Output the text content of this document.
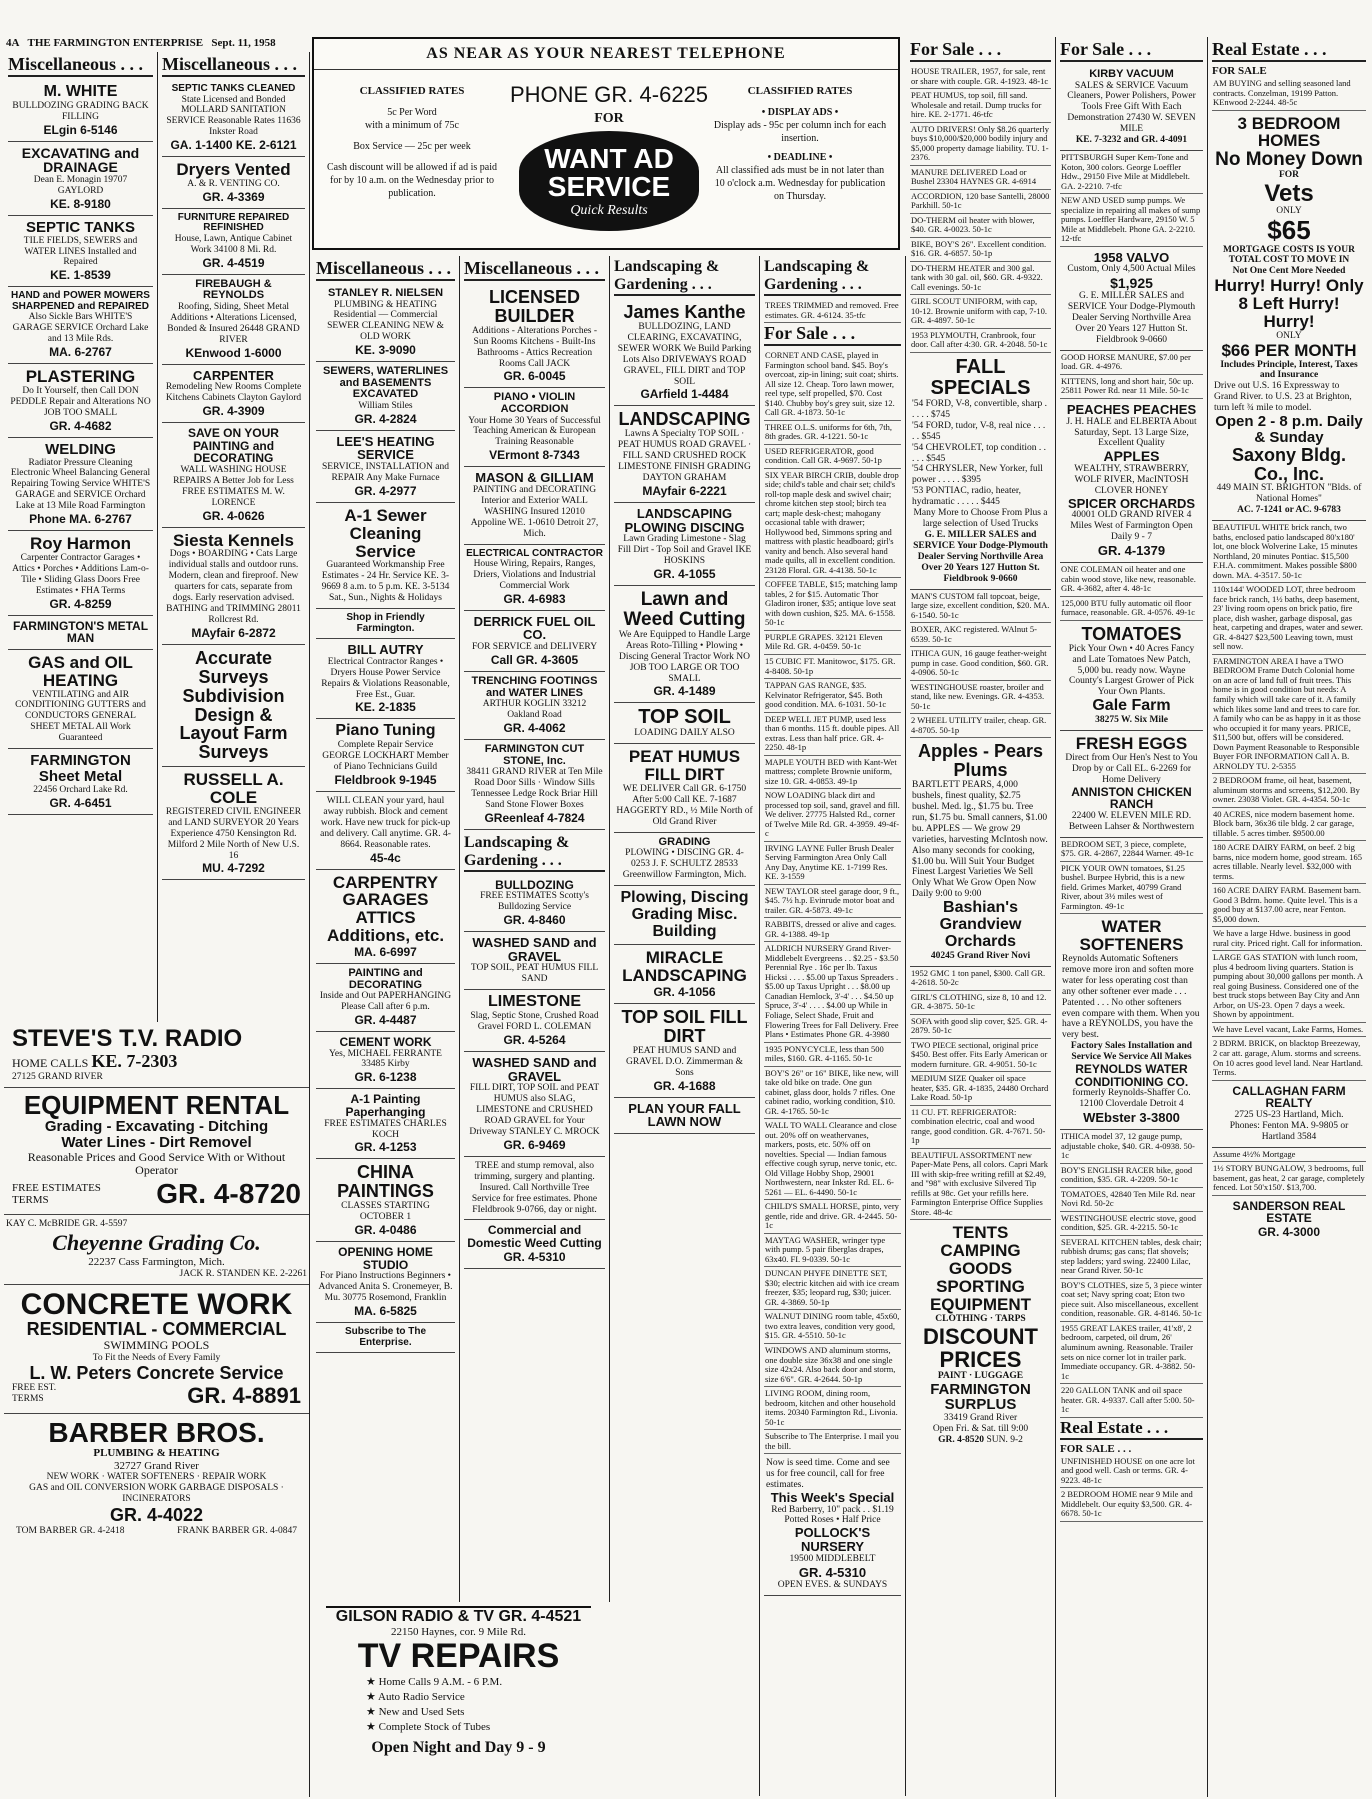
4A THE FARMINGTON ENTERPRISE Sept. 11, 1958
AS NEAR AS YOUR NEAREST TELEPHONE
CLASSIFIED RATES
5c Per Word
with a minimum of 75c
Box Service — 25c per week
Cash discount will be allowed if ad is paid for by 10 a.m. on the Wednesday prior to publication.
PHONE GR. 4-6225
FOR
WANT AD
SERVICE
Quick Results
CLASSIFIED RATES
• DISPLAY ADS •
Display ads - 95c per column inch for each insertion.
• DEADLINE •
All classified ads must be in not later than 10 o'clock a.m. Wednesday for publication on Thursday.
Miscellaneous . . .
M. WHITE
BULLDOZING GRADING BACK FILLING
ELgin 6-5146
EXCAVATING and DRAINAGE
Dean E. Monagin 19707 GAYLORD
KE. 8-9180
SEPTIC TANKS
TILE FIELDS, SEWERS and WATER LINES Installed and Repaired
KE. 1-8539
HAND and POWER MOWERS SHARPENED and REPAIRED
Also Sickle Bars WHITE'S GARAGE SERVICE Orchard Lake and 13 Mile Rds.
MA. 6-2767
PLASTERING
Do It Yourself, then Call DON PEDDLE Repair and Alterations NO JOB TOO SMALL
GR. 4-4682
WELDING
Radiator Pressure Cleaning Electronic Wheel Balancing General Repairing Towing Service WHITE'S GARAGE and SERVICE Orchard Lake at 13 Mile Road Farmington
Phone MA. 6-2767
Roy Harmon
Carpenter Contractor Garages • Attics • Porches • Additions Lam-o-Tile • Sliding Glass Doors Free Estimates • FHA Terms
GR. 4-8259
FARMINGTON'S METAL MAN
GAS and OIL HEATING
VENTILATING and AIR CONDITIONING GUTTERS and CONDUCTORS GENERAL SHEET METAL All Work Guaranteed
FARMINGTON Sheet Metal
22456 Orchard Lake Rd.
GR. 4-6451
Miscellaneous . . .
SEPTIC TANKS CLEANED
State Licensed and Bonded MOLLARD SANITATION SERVICE Reasonable Rates 11636 Inkster Road
GA. 1-1400 KE. 2-6121
Dryers Vented
A. & R. VENTING CO.
GR. 4-3369
FURNITURE REPAIRED REFINISHED
House, Lawn, Antique Cabinet Work 34100 8 Mi. Rd.
GR. 4-4519
FIREBAUGH & REYNOLDS
Roofing, Siding, Sheet Metal Additions • Alterations Licensed, Bonded & Insured 26448 GRAND RIVER
KEnwood 1-6000
CARPENTER
Remodeling New Rooms Complete Kitchens Cabinets Clayton Gaylord
GR. 4-3909
SAVE ON YOUR PAINTING and DECORATING
WALL WASHING HOUSE REPAIRS A Better Job for Less FREE ESTIMATES M. W. LORENCE
GR. 4-0626
Siesta Kennels
Dogs • BOARDING • Cats Large individual stalls and outdoor runs. Modern, clean and fireproof. New quarters for cats, separate from dogs. Early reservation advised. BATHING and TRIMMING 28011 Rollcrest Rd.
MAyfair 6-2872
Accurate Surveys Subdivision Design & Layout Farm Surveys
RUSSELL A. COLE
REGISTERED CIVIL ENGINEER and LAND SURVEYOR 20 Years Experience 4750 Kensington Rd. Milford 2 Mile North of New U.S. 16
MU. 4-7292
STEVE'S T.V. RADIO
HOME CALLS KE. 7-2303
27125 GRAND RIVER
EQUIPMENT RENTAL
Grading - Excavating - Ditching
Water Lines - Dirt Removel
Reasonable Prices and Good Service With or Without Operator
FREE ESTIMATES TERMS	GR. 4-8720
KAY C. McBRIDE GR. 4-5597
Cheyenne Grading Co.
22237 Cass Farmington, Mich.
JACK R. STANDEN KE. 2-2261
CONCRETE WORK
RESIDENTIAL - COMMERCIAL
SWIMMING POOLS
To Fit the Needs of Every Family
L. W. Peters Concrete Service
FREE EST. TERMS	GR. 4-8891
BARBER BROS.
PLUMBING & HEATING
32727 Grand River
NEW WORK · WATER SOFTENERS · REPAIR WORK
GAS and OIL CONVERSION WORK GARBAGE DISPOSALS · INCINERATORS
GR. 4-4022
TOM BARBER GR. 4-2418	FRANK BARBER GR. 4-0847
Miscellaneous . . .
STANLEY R. NIELSEN
PLUMBING & HEATING Residential — Commercial SEWER CLEANING NEW & OLD WORK
KE. 3-9090
SEWERS, WATERLINES and BASEMENTS EXCAVATED
William Stiles
GR. 4-2824
LEE'S HEATING SERVICE
SERVICE, INSTALLATION and REPAIR Any Make Furnace
GR. 4-2977
A-1 Sewer Cleaning Service
Guaranteed Workmanship Free Estimates - 24 Hr. Service KE. 3-9669 8 a.m. to 5 p.m. KE. 3-5134 Sat., Sun., Nights & Holidays
Shop in Friendly Farmington.
BILL AUTRY
Electrical Contractor Ranges • Dryers House Power Service Repairs & Violations Reasonable, Free Est., Guar.
KE. 2-1835
Piano Tuning
Complete Repair Service GEORGE LOCKHART Member of Piano Technicians Guild
FIeldbrook 9-1945
WILL CLEAN your yard, haul away rubbish. Block and cement work. Have new truck for pick-up and delivery. Call anytime. GR. 4-8664. Reasonable rates.
45-4c
CARPENTRY GARAGES ATTICS Additions, etc.
MA. 6-6997
PAINTING and DECORATING
Inside and Out PAPERHANGING Please Call after 6 p.m.
GR. 4-4487
CEMENT WORK
Yes, MICHAEL FERRANTE 33485 Kirby
GR. 6-1238
A-1 Painting Paperhanging
FREE ESTIMATES CHARLES KOCH
GR. 4-1253
CHINA PAINTINGS
CLASSES STARTING OCTOBER 1
GR. 4-0486
OPENING HOME STUDIO
For Piano Instructions Beginners • Advanced Anita S. Cronemeyer, B. Mu. 30775 Rosemond, Franklin
MA. 6-5825
Subscribe to The Enterprise.
Miscellaneous . . .
LICENSED BUILDER
Additions - Alterations Porches - Sun Rooms Kitchens - Built-Ins Bathrooms - Attics Recreation Rooms Call JACK
GR. 6-0045
PIANO • VIOLIN ACCORDION
Your Home 30 Years of Successful Teaching American & European Training Reasonable
VErmont 8-7343
MASON & GILLIAM
PAINTING and DECORATING Interior and Exterior WALL WASHING Insured 12010 Appoline WE. 1-0610 Detroit 27, Mich.
ELECTRICAL CONTRACTOR
House Wiring, Repairs, Ranges, Driers, Violations and Industrial Commercial Work
GR. 4-6983
DERRICK FUEL OIL CO.
FOR SERVICE and DELIVERY
Call GR. 4-3605
TRENCHING FOOTINGS and WATER LINES
ARTHUR KOGLIN 33212 Oakland Road
GR. 4-4062
FARMINGTON CUT STONE, Inc.
38411 GRAND RIVER at Ten Mile Road Door Sills · Window Sills Tennessee Ledge Rock Briar Hill Sand Stone Flower Boxes
GReenleaf 4-7824
Landscaping & Gardening . . .
BULLDOZING
FREE ESTIMATES Scotty's Bulldozing Service
GR. 4-8460
WASHED SAND and GRAVEL
TOP SOIL, PEAT HUMUS FILL SAND
LIMESTONE
Slag, Septic Stone, Crushed Road Gravel FORD L. COLEMAN
GR. 4-5264
WASHED SAND and GRAVEL
FILL DIRT, TOP SOIL and PEAT HUMUS also SLAG, LIMESTONE and CRUSHED ROAD GRAVEL for Your Driveway STANLEY C. MROCK
GR. 6-9469
TREE and stump removal, also trimming, surgery and planting. Insured. Call Northville Tree Service for free estimates. Phone FIeldbrook 9-0766, day or night.
Commercial and Domestic Weed Cutting
GR. 4-5310
GILSON RADIO & TV GR. 4-4521
22150 Haynes, cor. 9 Mile Rd.
TV REPAIRS
★ Home Calls 9 A.M. - 6 P.M.
★ Auto Radio Service
★ New and Used Sets
★ Complete Stock of Tubes
Open Night and Day 9 - 9
Landscaping & Gardening . . .
James Kanthe
BULLDOZING, LAND CLEARING, EXCAVATING, SEWER WORK We Build Parking Lots Also DRIVEWAYS ROAD GRAVEL, FILL DIRT and TOP SOIL
GArfield 1-4484
LANDSCAPING
Lawns A Specialty TOP SOIL · PEAT HUMUS ROAD GRAVEL · FILL SAND CRUSHED ROCK LIMESTONE FINISH GRADING DAYTON GRAHAM
MAyfair 6-2221
LANDSCAPING PLOWING DISCING
Lawn Grading Limestone - Slag Fill Dirt - Top Soil and Gravel IKE HOSKINS
GR. 4-1055
Lawn and Weed Cutting
We Are Equipped to Handle Large Areas Roto-Tilling • Plowing • Discing General Tractor Work NO JOB TOO LARGE OR TOO SMALL
GR. 4-1489
TOP SOIL
LOADING DAILY ALSO
PEAT HUMUS FILL DIRT
WE DELIVER Call GR. 6-1750 After 5:00 Call KE. 7-1687 HAGGERTY RD., ½ Mile North of Old Grand River
GRADING
PLOWING • DISCING GR. 4-0253 J. F. SCHULTZ 28533 Greenwillow Farmington, Mich.
Plowing, Discing Grading Misc. Building
MIRACLE LANDSCAPING
GR. 4-1056
TOP SOIL FILL DIRT
PEAT HUMUS SAND and GRAVEL D.O. Zimmerman & Sons
GR. 4-1688
PLAN YOUR FALL LAWN NOW
Landscaping & Gardening . . .
TREES TRIMMED and removed. Free estimates. GR. 4-6124. 35-tfc
For Sale . . .
CORNET AND CASE, played in Farmington school band. $45. Boy's overcoat, zip-in lining; suit coat; shirts. All size 12. Cheap. Toro lawn mower, reel type, self propelled, $70. Cost $140. Chubby boy's grey suit, size 12. Call GR. 4-1873. 50-1c
THREE O.L.S. uniforms for 6th, 7th, 8th grades. GR. 4-1221. 50-1c
USED REFRIGERATOR, good condition. Call GR. 4-9697. 50-1p
SIX YEAR BIRCH CRIB, double drop side; child's table and chair set; child's roll-top maple desk and swivel chair; chrome kitchen step stool; birch tea cart; maple desk-chest; mahogany occasional table with drawer; Hollywood bed, Simmons spring and mattress with plastic headboard; girl's vanity and bench. Also several hand made quilts, all in excellent condition. 23128 Floral. GR. 4-4138. 50-1c
COFFEE TABLE, $15; matching lamp tables, 2 for $15. Automatic Thor Gladiron ironer, $35; antique love seat with down cushion, $25. MA. 6-1558. 50-1c
PURPLE GRAPES. 32121 Eleven Mile Rd. GR. 4-0459. 50-1c
15 CUBIC FT. Manitowoc, $175. GR. 4-8408. 50-1p
TAPPAN GAS RANGE, $35. Kelvinator Refrigerator, $45. Both good condition. MA. 6-1031. 50-1c
DEEP WELL JET PUMP, used less than 6 months. 115 ft. double pipes. All extras. Less than half price. GR. 4-2250. 48-1p
MAPLE YOUTH BED with Kant-Wet mattress; complete Brownie uniform, size 10. GR. 4-0853. 49-1p
NOW LOADING black dirt and processed top soil, sand, gravel and fill. We deliver. 27775 Halsted Rd., corner of Twelve Mile Rd. GR. 4-3959. 49-4f-c
IRVING LAYNE Fuller Brush Dealer Serving Farmington Area Only Call Any Day, Anytime KE. 1-7199 Res. KE. 3-1559
NEW TAYLOR steel garage door, 9 ft., $45. 7½ h.p. Evinrude motor boat and trailer. GR. 4-5873. 49-1c
RABBITS, dressed or alive and cages. GR. 4-1388. 49-1p
ALDRICH NURSERY Grand River-Middlebelt Evergreens . . $2.25 - $3.50 Perennial Rye . 16c per lb. Taxus Hicksi . . . . $5.00 up Taxus Spreaders . $5.00 up Taxus Upright . . . $8.00 up Canadian Hemlock, 3'-4' . . . $4.50 up Spruce, 3'-4' . . . . $4.00 up While in Foliage, Select Shade, Fruit and Flowering Trees for Fall Delivery. Free Plans • Estimates Phone GR. 4-3980
1935 PONYCYCLE, less than 500 miles, $160. GR. 4-1165. 50-1c
BOY'S 26" or 16" BIKE, like new, will take old bike on trade. One gun cabinet, glass door, holds 7 rifles. One cabinet radio, working condition, $10. GR. 4-1765. 50-1c
WALL TO WALL Clearance and close out. 20% off on weathervanes, markers, posts, etc. 50% off on novelties. Special — Indian famous effective cough syrup, nerve tonic, etc. Old Village Hobby Shop, 29001 Northwestern, near Inkster Rd. EL. 6-5261 — EL. 6-4490. 50-1c
CHILD'S SMALL HORSE, pinto, very gentle, ride and drive. GR. 4-2445. 50-1c
MAYTAG WASHER, wringer type with pump. 5 pair fiberglas drapes, 63x40. FI. 9-0339. 50-1c
DUNCAN PHYFE DINETTE SET, $30; electric kitchen aid with ice cream freezer, $35; leopard rug, $30; juicer. GR. 4-3869. 50-1p
WALNUT DINING room table, 45x60, two extra leaves, condition very good, $15. GR. 4-5510. 50-1c
WINDOWS AND aluminum storms, one double size 36x38 and one single size 42x24. Also back door and storm, size 6'6". GR. 4-2644. 50-1p
LIVING ROOM, dining room, bedroom, kitchen and other household items. 20340 Farmington Rd., Livonia. 50-1c
Subscribe to The Enterprise. I mail you the bill.
Now is seed time. Come and see us for free council, call for free estimates.
This Week's Special
Red Barberry, 10" pack . . $1.19 Potted Roses • Half Price
POLLOCK'S NURSERY
19500 MIDDLEBELT
GR. 4-5310
OPEN EVES. & SUNDAYS
For Sale . . .
HOUSE TRAILER, 1957, for sale, rent or share with couple. GR. 4-1923. 48-1c
PEAT HUMUS, top soil, fill sand. Wholesale and retail. Dump trucks for hire. KE. 2-1771. 46-tfc
AUTO DRIVERS! Only $8.26 quarterly buys $10,000/$20,000 bodily injury and $5,000 property damage liability. TU. 1-2376.
MANURE DELIVERED Load or Bushel 23304 HAYNES GR. 4-6914
ACCORDION, 120 base Santelli, 28000 Parkhill. 50-1c
DO-THERM oil heater with blower, $40. GR. 4-0023. 50-1c
BIKE, BOY'S 26". Excellent condition. $16. GR. 4-6857. 50-1p
DO-THERM HEATER and 300 gal. tank with 30 gal. oil, $60. GR. 4-9322. Call evenings. 50-1c
GIRL SCOUT UNIFORM, with cap, 10-12. Brownie uniform with cap, 7-10. GR. 4-4897. 50-1c
1953 PLYMOUTH, Cranbrook, four door. Call after 4:30. GR. 4-2048. 50-1c
FALL SPECIALS
'54 FORD, V-8, convertible, sharp . . . . . $745
'54 FORD, tudor, V-8, real nice . . . . . $545
'54 CHEVROLET, top condition . . . . . $545
'54 CHRYSLER, New Yorker, full power . . . . . $395
'53 PONTIAC, radio, heater, hydramatic . . . . . $445
Many More to Choose From Plus a large selection of Used Trucks
G. E. MILLER SALES and SERVICE Your Dodge-Plymouth Dealer Serving Northville Area Over 20 Years 127 Hutton St. Fieldbrook 9-0660
MAN'S CUSTOM fall topcoat, beige, large size, excellent condition, $20. MA. 6-1540. 50-1c
BOXER, AKC registered. WAlnut 5-6539. 50-1c
ITHICA GUN, 16 gauge feather-weight pump in case. Good condition, $60. GR. 4-0906. 50-1c
WESTINGHOUSE roaster, broiler and stand, like new. Evenings. GR. 4-4353. 50-1c
2 WHEEL UTILITY trailer, cheap. GR. 4-8705. 50-1p
Apples - Pears Plums
BARTLETT PEARS, 4,000 bushels, finest quality, $2.75 bushel. Med. lg., $1.75 bu. Tree run, $1.75 bu. Small canners, $1.00 bu. APPLES — We grow 29 varieties, harvesting McIntosh now. Also many seconds for cooking, $1.00 bu. Will Suit Your Budget Finest Largest Varieties We Sell Only What We Grow Open Now Daily 9:00 to 9:00
Bashian's Grandview Orchards
40245 Grand River Novi
1952 GMC 1 ton panel, $300. Call GR. 4-2618. 50-2c
GIRL'S CLOTHING, size 8, 10 and 12. GR. 4-3875. 50-1c
SOFA with good slip cover, $25. GR. 4-2879. 50-1c
TWO PIECE sectional, original price $450. Best offer. Fits Early American or modern furniture. GR. 4-9051. 50-1c
MEDIUM SIZE Quaker oil space heater, $35. GR. 4-1835, 24480 Orchard Lake Road. 50-1p
11 CU. FT. REFRIGERATOR: combination electric, coal and wood range, good condition. GR. 4-7671. 50-1p
BEAUTIFUL ASSORTMENT new Paper-Mate Pens, all colors. Capri Mark III with skip-free writing refill at $2.49, and "98" with exclusive Silvered Tip refills at 98c. Get your refills here. Farmington Enterprise Office Supplies Store. 48-4c
TENTS CAMPING GOODS SPORTING EQUIPMENT
CLOTHING · TARPS
DISCOUNT PRICES
PAINT · LUGGAGE
FARMINGTON SURPLUS
33419 Grand River
Open Fri. & Sat. till 9:00
GR. 4-8520 SUN. 9-2
For Sale . . .
KIRBY VACUUM
SALES & SERVICE Vacuum Cleaners, Power Polishers, Power Tools Free Gift With Each Demonstration 27430 W. SEVEN MILE
KE. 7-3232 and GR. 4-4091
PITTSBURGH Super Kem-Tone and Koton, 300 colors. George Loeffler Hdw., 29150 Five Mile at Middlebelt. GA. 2-2210. 7-tfc
NEW AND USED sump pumps. We specialize in repairing all makes of sump pumps. Loeffler Hardware, 29150 W. 5 Mile at Middlebelt. Phone GA. 2-2210. 12-tfc
1958 VALVO
Custom, Only 4,500 Actual Miles
$1,925
G. E. MILLER SALES and SERVICE Your Dodge-Plymouth Dealer Serving Northville Area Over 20 Years 127 Hutton St. Fieldbrook 9-0660
GOOD HORSE MANURE, $7.00 per load. GR. 4-4976.
KITTENS, long and short hair, 50c up. 25811 Power Rd. near 11 Mile. 50-1c
PEACHES PEACHES
J. H. HALE and ELBERTA About Saturday, Sept. 13 Large Size, Excellent Quality
APPLES
WEALTHY, STRAWBERRY, WOLF RIVER, MacINTOSH CLOVER HONEY
SPICER ORCHARDS
40001 OLD GRAND RIVER 4 Miles West of Farmington Open Daily 9 - 7
GR. 4-1379
ONE COLEMAN oil heater and one cabin wood stove, like new, reasonable. GR. 4-3682, after 4. 48-1c
125,000 BTU fully automatic oil floor furnace, reasonable. GR. 4-0576. 49-1c
TOMATOES
Pick Your Own • 40 Acres Fancy and Late Tomatoes New Patch, 5,000 bu. ready now. Wayne County's Largest Grower of Pick Your Own Plants.
Gale Farm
38275 W. Six Mile
FRESH EGGS
Direct from Our Hen's Nest to You Drop by or Call EL. 6-2269 for Home Delivery
ANNISTON CHICKEN RANCH
22400 W. ELEVEN MILE RD. Between Lahser & Northwestern
BEDROOM SET, 3 piece, complete, $75. GR. 4-2867, 22844 Warner. 49-1c
PICK YOUR OWN tomatoes, $1.25 bushel. Burpee Hybrid, this is a new field. Grimes Market, 40799 Grand River, about 3½ miles west of Farmington. 49-1c
WATER SOFTENERS
Reynolds Automatic Softeners remove more iron and soften more water for less operating cost than any other softener ever made . . . Patented . . . No other softeners even compare with them. When you have a REYNOLDS, you have the very best.
Factory Sales Installation and Service We Service All Makes
REYNOLDS WATER CONDITIONING CO.
formerly Reynolds-Shaffer Co. 12100 Cloverdale Detroit 4
WEbster 3-3800
ITHICA model 37, 12 gauge pump, adjustable choke, $40. GR. 4-0938. 50-1c
BOY'S ENGLISH RACER bike, good condition, $35. GR. 4-2209. 50-1c
TOMATOES, 42840 Ten Mile Rd. near Novi Rd. 50-2c
WESTINGHOUSE electric stove, good condition, $25. GR. 4-2215. 50-1c
SEVERAL KITCHEN tables, desk chair; rubbish drums; gas cans; flat shovels; step ladders; yard swing. 22400 Lilac, near Grand River. 50-1c
BOY'S CLOTHES, size 5, 3 piece winter coat set; Navy spring coat; Eton two piece suit. Also miscellaneous, excellent condition, reasonable. GR. 4-8146. 50-1c
1955 GREAT LAKES trailer, 41'x8', 2 bedroom, carpeted, oil drum, 26' aluminum awning. Reasonable. Trailer sets on nice corner lot in trailer park. Immediate occupancy. GR. 4-3882. 50-1c
220 GALLON TANK and oil space heater. GR. 4-9337. Call after 5:00. 50-1c
Real Estate . . .
FOR SALE . . .
UNFINISHED HOUSE on one acre lot and good well. Cash or terms. GR. 4-9223. 48-1c
2 BEDROOM HOME near 9 Mile and Middlebelt. Our equity $3,500. GR. 4-6678. 50-1c
Real Estate . . .
FOR SALE
AM BUYING and selling seasoned land contracts. Conzelman, 19199 Patton. KEnwood 2-2244. 48-5c
3 BEDROOM HOMES
No Money Down
FOR
Vets
ONLY
$65
MORTGAGE COSTS IS YOUR TOTAL COST TO MOVE IN
Not One Cent More Needed
Hurry! Hurry! Only 8 Left Hurry! Hurry!
ONLY
$66 PER MONTH
Includes Principle, Interest, Taxes and Insurance
Drive out U.S. 16 Expressway to Grand River. to U.S. 23 at Brighton, turn left ¾ mile to model.
Open 2 - 8 p.m. Daily & Sunday
Saxony Bldg. Co., Inc.
449 MAIN ST. BRIGHTON "Blds. of National Homes"
AC. 7-1241 or AC. 9-6783
BEAUTIFUL WHITE brick ranch, two baths, enclosed patio landscaped 80'x180' lot, one block Wolverine Lake, 15 minutes Northland, 20 minutes Pontiac. $15,500 F.H.A. commitment. Makes possible $800 down. MA. 4-3517. 50-1c
110x144' WOODED LOT, three bedroom face brick ranch, 1½ baths, deep basement, 23' living room opens on brick patio, fire place, dish washer, garbage disposal, gas heat, carpeting and drapes, water and sewer. GR. 4-8427 $23,500 Leaving town, must sell now.
FARMINGTON AREA I have a TWO BEDROOM Frame Dutch Colonial home on an acre of land full of fruit trees. This home is in good condition but needs: A family which will take care of it. A family which likes some land and trees to care for. A family who can be as happy in it as those who occupied it for many years. PRICE, $11,500 but, offers will be considered. Down Payment Reasonable to Responsible Buyer FOR INFORMATION Call A. B. ARNOLDY TU. 2-5355
2 BEDROOM frame, oil heat, basement, aluminum storms and screens, $12,200. By owner. 23038 Violet. GR. 4-4354. 50-1c
40 ACRES, nice modern basement home. Block barn, 36x36 tile bldg. 2 car garage, tillable. 5 acres timber. $9500.00
180 ACRE DAIRY FARM, on beef. 2 big barns, nice modern home, good stream. 165 acres tillable. Nearly level. $32,000 with terms.
160 ACRE DAIRY FARM. Basement barn. Good 3 Bdrm. home. Quite level. This is a good buy at $137.00 acre, near Fenton. $5,000 down.
We have a large Hdwe. business in good rural city. Priced right. Call for information.
LARGE GAS STATION with lunch room, plus 4 bedroom living quarters. Station is pumping about 30,000 gallons per month. A real going Business. Considered one of the best truck stops between Bay City and Ann Arbor, on US-23. Open 7 days a week. Shown by appointment.
We have Level vacant, Lake Farms, Homes.
2 BDRM. BRICK, on blacktop Breezeway, 2 car att. garage, Alum. storms and screens. On 10 acres good level land. Near Hartland. Terms.
CALLAGHAN FARM REALTY
2725 US-23 Hartland, Mich.
Phones: Fenton MA. 9-9805 or Hartland 3584
Assume 4½% Mortgage
1½ STORY BUNGALOW, 3 bedrooms, full basement, gas heat, 2 car garage, completely fenced. Lot 50'x150'. $13,700.
SANDERSON REAL ESTATE
GR. 4-3000
